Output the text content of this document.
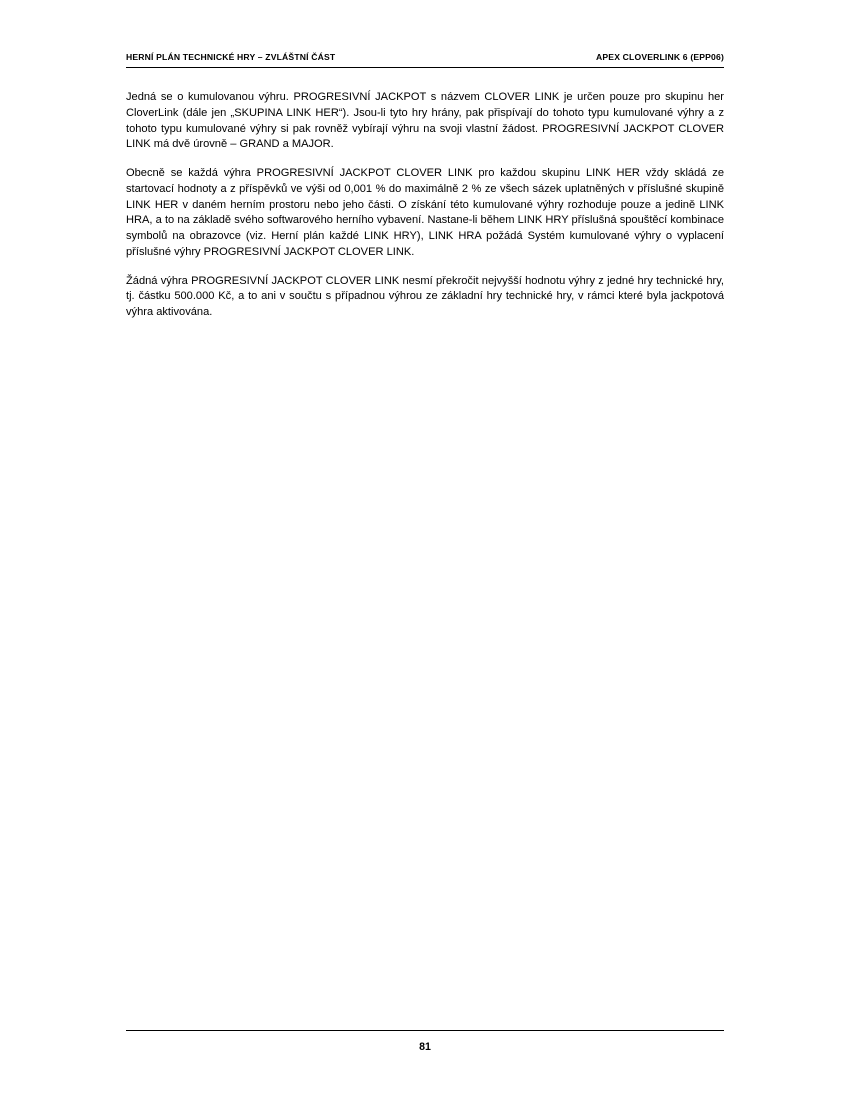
HERNÍ PLÁN TECHNICKÉ HRY – ZVLÁŠTNÍ ČÁST	APEX CLOVERLINK 6 (EPP06)

Jedná se o kumulovanou výhru. PROGRESIVNÍ JACKPOT s názvem CLOVER LINK je určen pouze pro skupinu her CloverLink (dále jen „SKUPINA LINK HER“). Jsou-li tyto hry hrány, pak přispívají do tohoto typu kumulované výhry a z tohoto typu kumulované výhry si pak rovněž vybírají výhru na svoji vlastní žádost. PROGRESIVNÍ JACKPOT CLOVER LINK má dvě úrovně – GRAND a MAJOR.

Obecně se každá výhra PROGRESIVNÍ JACKPOT CLOVER LINK pro každou skupinu LINK HER vždy skládá ze startovací hodnoty a z příspěvků ve výši od 0,001 % do maximálně 2 % ze všech sázek uplatněných v příslušné skupině LINK HER v daném herním prostoru nebo jeho části. O získání této kumulované výhry rozhoduje pouze a jedině LINK HRA, a to na základě svého softwarového herního vybavení. Nastane-li během LINK HRY příslušná spouštěcí kombinace symbolů na obrazovce (viz. Herní plán každé LINK HRY), LINK HRA požádá Systém kumulované výhry o vyplacení příslušné výhry PROGRESIVNÍ JACKPOT CLOVER LINK.

Žádná výhra PROGRESIVNÍ JACKPOT CLOVER LINK nesmí překročit nejvyšší hodnotu výhry z jedné hry technické hry, tj. částku 500.000 Kč, a to ani v součtu s případnou výhrou ze základní hry technické hry, v rámci které byla jackpotová výhra aktivována.

81
